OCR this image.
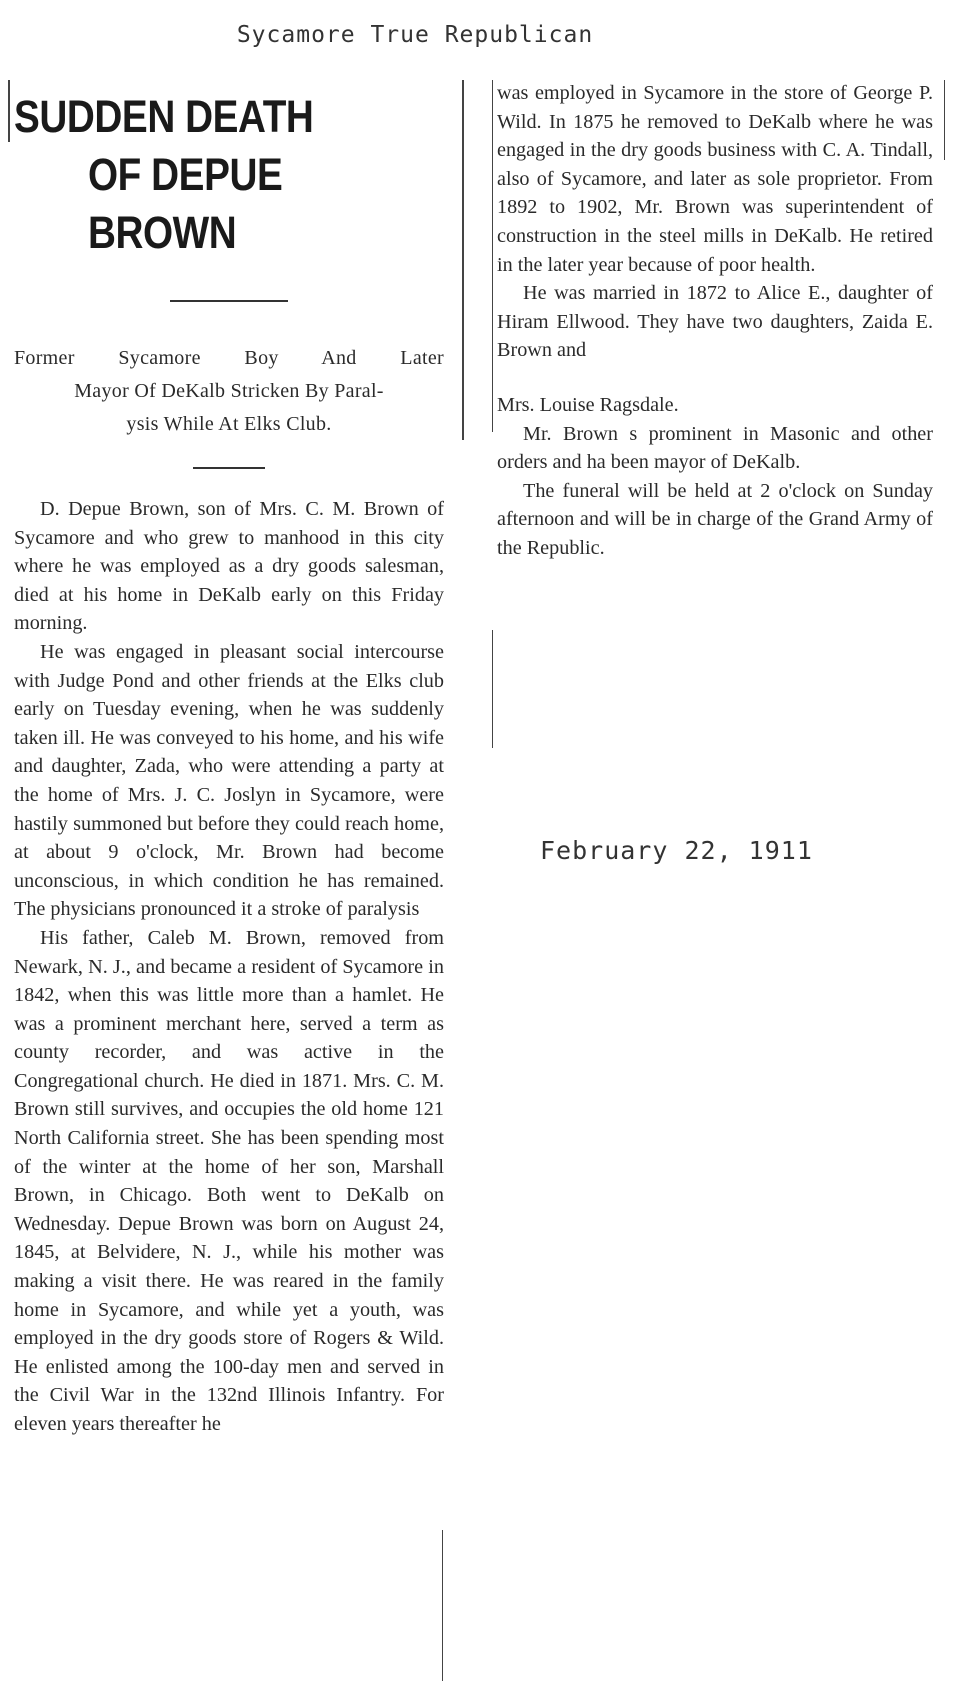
Sycamore True Republican
SUDDEN DEATH
OF DEPUE BROWN
Former Sycamore Boy And Later
Mayor Of DeKalb Stricken By Paral-
ysis While At Elks Club.

D. Depue Brown, son of Mrs. C. M. Brown of Sycamore and who grew to manhood in this city where he was employed as a dry goods salesman, died at his home in DeKalb early on this Friday morning.

He was engaged in pleasant social intercourse with Judge Pond and other friends at the Elks club early on Tuesday evening, when he was suddenly taken ill. He was conveyed to his home, and his wife and daughter, Zada, who were attending a party at the home of Mrs. J. C. Joslyn in Sycamore, were hastily summoned but before they could reach home, at about 9 o'clock, Mr. Brown had become unconscious, in which condition he has remained. The physicians pronounced it a stroke of paralysis

His father, Caleb M. Brown, removed from Newark, N. J., and became a resident of Sycamore in 1842, when this was little more than a hamlet. He was a prominent merchant here, served a term as county recorder, and was active in the Congregational church. He died in 1871. Mrs. C. M. Brown still survives, and occupies the old home 121 North California street. She has been spending most of the winter at the home of her son, Marshall Brown, in Chicago. Both went to DeKalb on Wednesday. Depue Brown was born on August 24, 1845, at Belvidere, N. J., while his mother was making a visit there. He was reared in the family home in Sycamore, and while yet a youth, was employed in the dry goods store of Rogers & Wild. He enlisted among the 100-day men and served in the Civil War in the 132nd Illinois Infantry. For eleven years thereafter he

was employed in Sycamore in the store of George P. Wild. In 1875 he removed to DeKalb where he was engaged in the dry goods business with C. A. Tindall, also of Sycamore, and later as sole proprietor. From 1892 to 1902, Mr. Brown was superintendent of construction in the steel mills in DeKalb. He retired in the later year because of poor health.

He was married in 1872 to Alice E., daughter of Hiram Ellwood. They have two daughters, Zaida E. Brown and

Mrs. Louise Ragsdale.

Mr. Brown s prominent in Masonic and other orders and ha been mayor of DeKalb.

The funeral will be held at 2 o'clock on Sunday afternoon and will be in charge of the Grand Army of the Republic.

February 22, 1911
